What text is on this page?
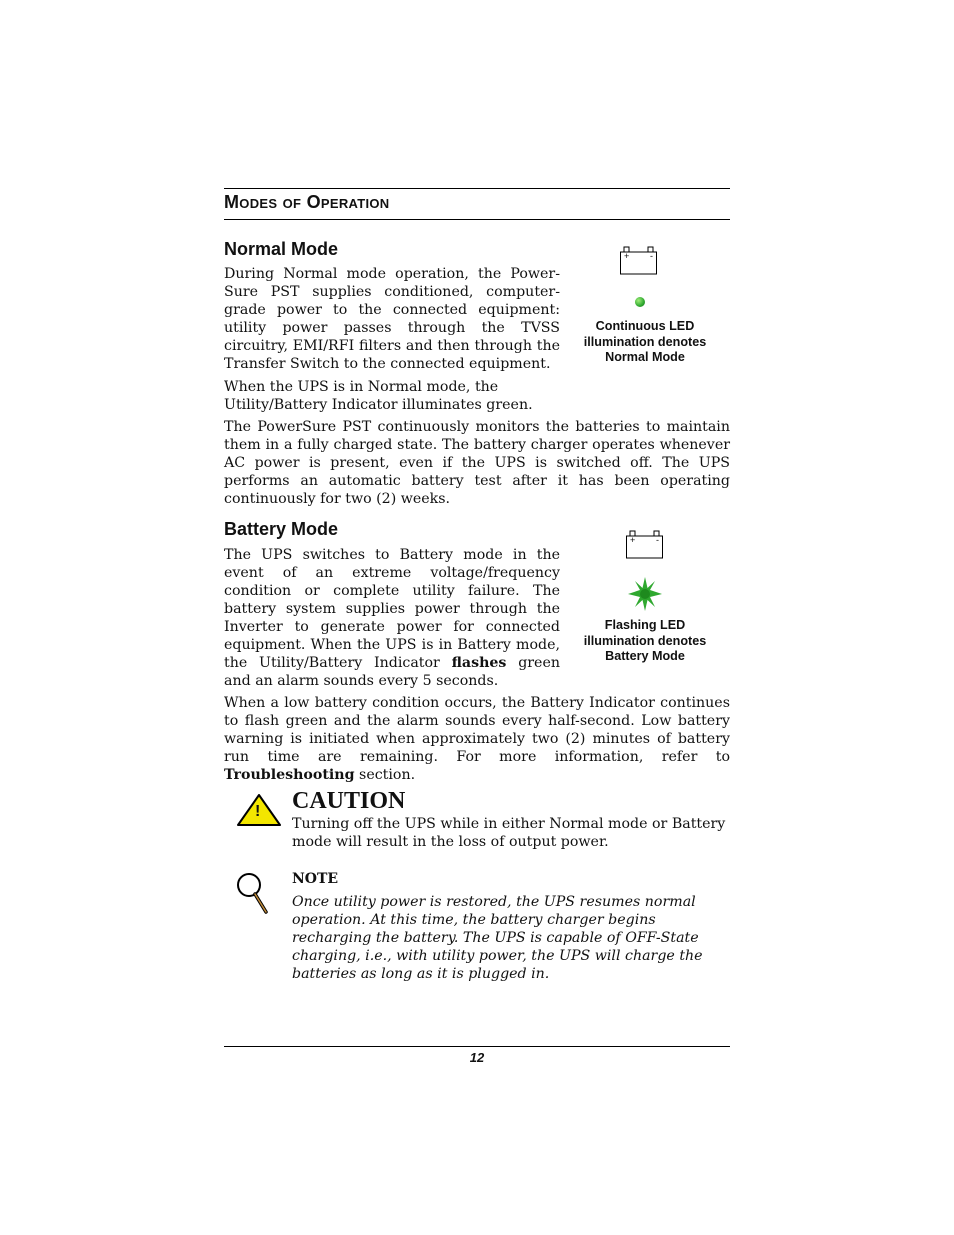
Modes of Operation
Normal Mode

During Normal mode operation, the Power-Sure PST supplies conditioned, computer-grade power to the connected equipment: utility power passes through the TVSS circuitry, EMI/RFI filters and then through the Transfer Switch to the connected equipment.

When the UPS is in Normal mode, the Utility/Battery Indicator illuminates green.

The PowerSure PST continuously monitors the batteries to maintain them in a fully charged state. The battery charger operates whenever AC power is present, even if the UPS is switched off. The UPS performs an automatic battery test after it has been operating continuously for two (2) weeks.

+ -
Continuous LED
illumination denotes
Normal Mode
Battery Mode

The UPS switches to Battery mode in the event of an extreme voltage/frequency condition or complete utility failure. The battery system supplies power through the Inverter to generate power for connected equipment. When the UPS is in Battery mode, the Utility/Battery Indicator flashes green and an alarm sounds every 5 seconds.

When a low battery condition occurs, the Battery Indicator continues to flash green and the alarm sounds every half-second. Low battery warning is initiated when approximately two (2) minutes of battery run time are remaining. For more information, refer to Troubleshooting section.

+ -
Flashing LED
illumination denotes
Battery Mode
! CAUTION

Turning off the UPS while in either Normal mode or Battery mode will result in the loss of output power.

NOTE

Once utility power is restored, the UPS resumes normal operation. At this time, the battery charger begins recharging the battery. The UPS is capable of OFF-State charging, i.e., with utility power, the UPS will charge the batteries as long as it is plugged in.

12
